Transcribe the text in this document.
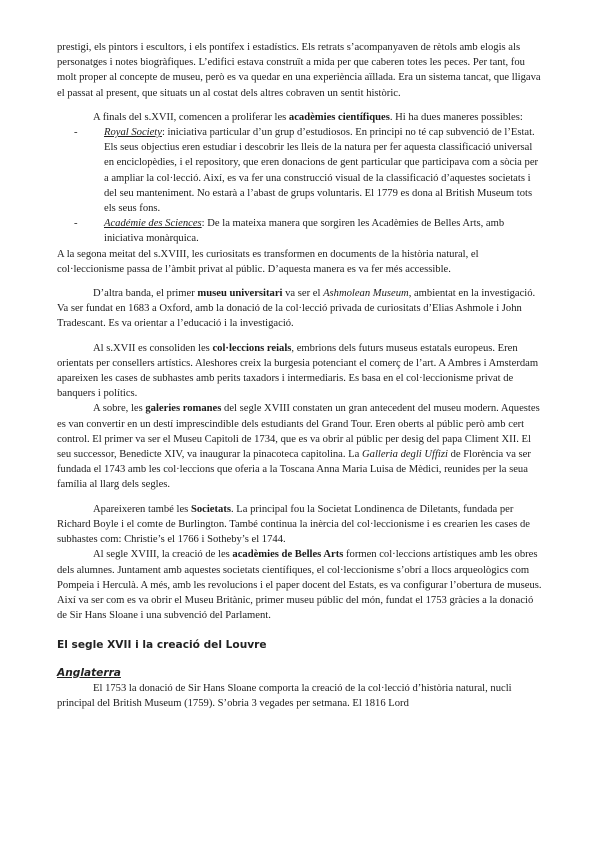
prestigi, els pintors i escultors, i els pontífex i estadístics. Els retrats s’acompanyaven de rètols amb elogis als personatges i notes biogràfiques. L’edifici estava construït a mida per que caberen totes les peces. Per tant, fou molt proper al concepte de museu, però es va quedar en una experiència aïllada. Era un sistema tancat, que lligava el passat al present, que situats un al costat dels altres cobraven un sentit històric.

A finals del s.XVII, comencen a proliferar les acadèmies científiques. Hi ha dues maneres possibles:

- Royal Society: iniciativa particular d’un grup d’estudiosos. En principi no té cap subvenció de l’Estat. Els seus objectius eren estudiar i descobrir les lleis de la natura per fer aquesta classificació universal en enciclopèdies, i el repository, que eren donacions de gent particular que participava com a sòcia per a ampliar la col·lecció. Així, es va fer una construcció visual de la classificació d’aquestes societats i del seu manteniment. No estarà a l’abast de grups voluntaris. El 1779 es dona al British Museum tots els seus fons.
- Académie des Sciences: De la mateixa manera que sorgiren les Acadèmies de Belles Arts, amb iniciativa monàrquica.

A la segona meitat del s.XVIII, les curiositats es transformen en documents de la història natural, el col·leccionisme passa de l’àmbit privat al públic. D’aquesta manera es va fer més accessible.

D’altra banda, el primer museu universitari va ser el Ashmolean Museum, ambientat en la investigació. Va ser fundat en 1683 a Oxford, amb la donació de la col·lecció privada de curiositats d’Elias Ashmole i John Tradescant. Es va orientar a l’educació i la investigació.

Al s.XVII es consoliden les col·leccions reials, embrions dels futurs museus estatals europeus. Eren orientats per consellers artístics. Aleshores creix la burgesia potenciant el comerç de l’art. A Ambres i Amsterdam apareixen les cases de subhastes amb perits taxadors i intermediaris. Es basa en el col·leccionisme privat de banquers i polítics.

A sobre, les galeries romanes del segle XVIII constaten un gran antecedent del museu modern. Aquestes es van convertir en un destí imprescindible dels estudiants del Grand Tour. Eren oberts al públic però amb cert control. El primer va ser el Museu Capitoli de 1734, que es va obrir al públic per desig del papa Climent XII. El seu successor, Benedicte XIV, va inaugurar la pinacoteca capitolina. La Galleria degli Uffizi de Florència va ser fundada el 1743 amb les col·leccions que oferia a la Toscana Anna Maria Luisa de Mèdici, reunides per la seua família al llarg dels segles.

Apareixeren també les Societats. La principal fou la Societat Londinenca de Diletants, fundada per Richard Boyle i el comte de Burlington. També continua la inèrcia del col·leccionisme i es crearien les cases de subhastes com: Christie’s el 1766 i Sotheby’s el 1744.

Al segle XVIII, la creació de les acadèmies de Belles Arts formen col·leccions artístiques amb les obres dels alumnes. Juntament amb aquestes societats científiques, el col·leccionisme s’obrí a llocs arqueològics com Pompeia i Herculà. A més, amb les revolucions i el paper docent del Estats, es va configurar l’obertura de museus. Així va ser com es va obrir el Museu Britànic, primer museu públic del món, fundat el 1753 gràcies a la donació de Sir Hans Sloane i una subvenció del Parlament.

El segle XVII i la creació del Louvre
Anglaterra

El 1753 la donació de Sir Hans Sloane comporta la creació de la col·lecció d’història natural, nucli principal del British Museum (1759). S’obria 3 vegades per setmana. El 1816 Lord
